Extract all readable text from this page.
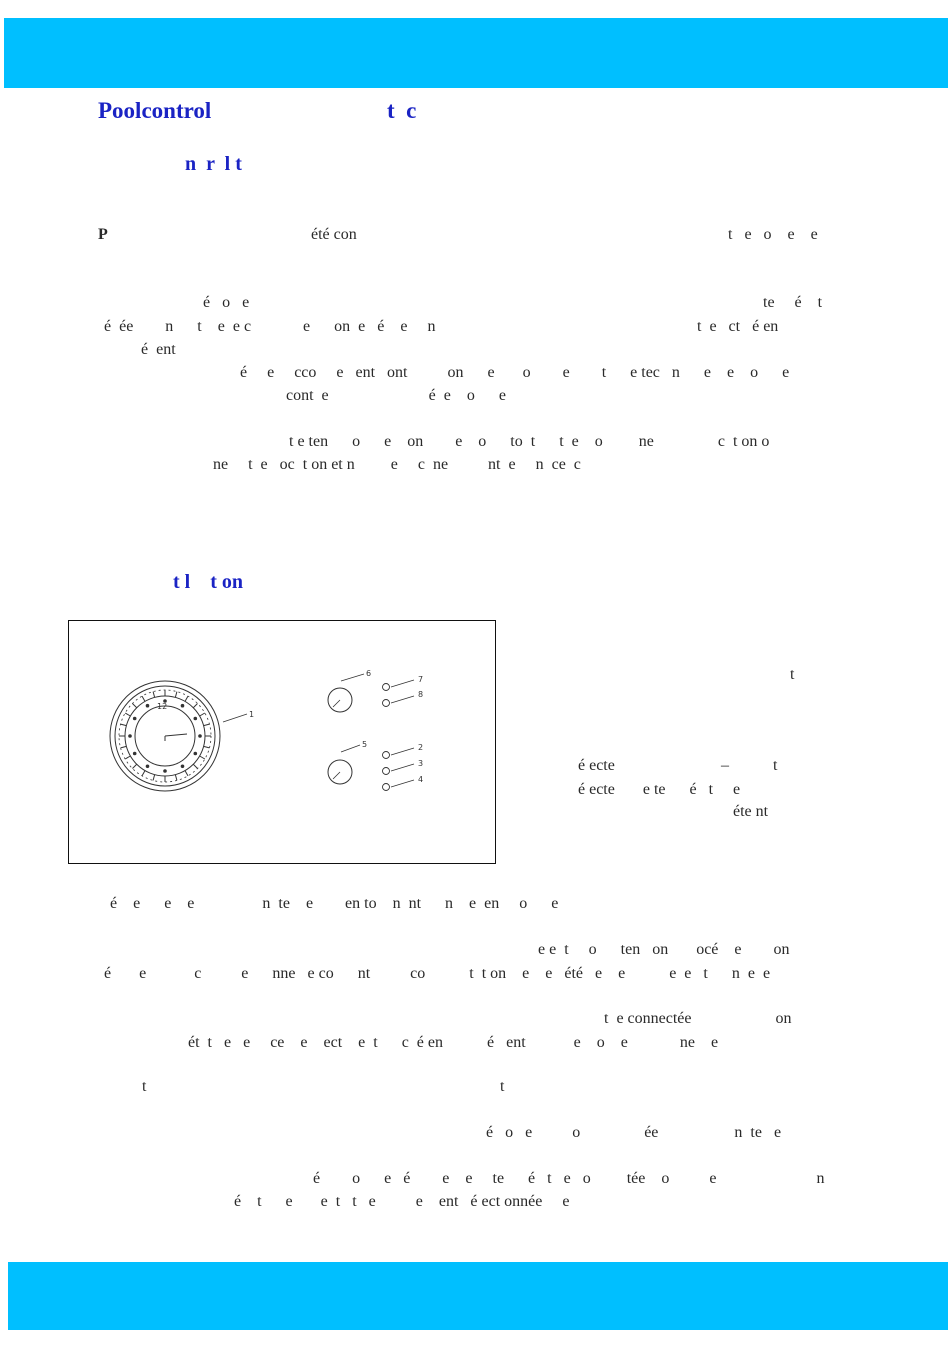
Poolcontrol	t  c
n  r  l t
P	été con	t   e   o    e    e
é   o   e	te     é    t
é  ée        n      t    e  e c             e      on  e   é    e     n	t  e   ct   é en
é  ent
é     e     cco     e   ent   ont          on      e       o        e        t      e tec   n      e    e    o      e
cont  e                         é  e    o      e
t e ten      o      e    on        e    o      to  t      t  e    o         ne                c  t on o
ne     t  e   oc  t on et n         e     c  ne          nt  e     n  ce  c
t l    t on
12
1
6
7
8
5	2
3
4
t
é ecte	–	t
é ecte       e te      é   t     e
éte nt
é    e      e    e                 n  te    e        en to    n  nt      n    e  en     o      e
e e  t     o      ten   on       océ    e        on
é       e            c          e      nne   e co      nt          co           t  t on    e    e   été   e    e           e  e   t      n  e  e
t  e connectée                     on
ét  t   e   e     ce    e    ect    e  t      c  é en           é   ent            e    o    e             ne    e
t	t
é   o   e          o                ée                   n  te   e
é        o      e   é        e    e     te      é   t   e   o         tée    o          e                         n
é    t      e       e  t   t   e          e    ent   é ect onnée     e
